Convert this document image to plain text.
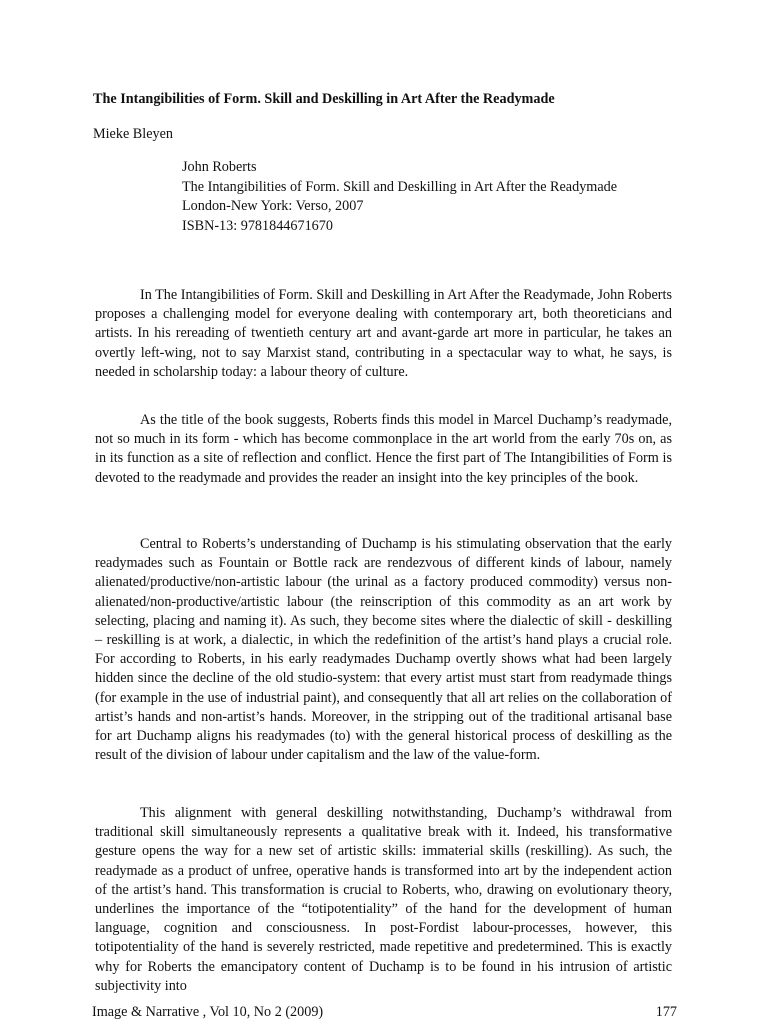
The Intangibilities of Form. Skill and Deskilling in Art After the Readymade
Mieke Bleyen
John Roberts
The Intangibilities of Form. Skill and Deskilling in Art After the Readymade
London-New York: Verso, 2007
ISBN-13: 9781844671670

In The Intangibilities of Form. Skill and Deskilling in Art After the Readymade, John Roberts proposes a challenging model for everyone dealing with contemporary art, both theoreticians and artists. In his rereading of twentieth century art and avant-garde art more in particular, he takes an overtly left-wing, not to say Marxist stand, contributing in a spectacular way to what, he says, is needed in scholarship today: a labour theory of culture.

As the title of the book suggests, Roberts finds this model in Marcel Duchamp’s readymade, not so much in its form - which has become commonplace in the art world from the early 70s on, as in its function as a site of reflection and conflict. Hence the first part of The Intangibilities of Form is devoted to the readymade and provides the reader an insight into the key principles of the book.

Central to Roberts’s understanding of Duchamp is his stimulating observation that the early readymades such as Fountain or Bottle rack are rendezvous of different kinds of labour, namely alienated/productive/non-artistic labour (the urinal as a factory produced commodity) versus non-alienated/non-productive/artistic labour (the reinscription of this commodity as an art work by selecting, placing and naming it). As such, they become sites where the dialectic of skill - deskilling – reskilling is at work, a dialectic, in which the redefinition of the artist’s hand plays a crucial role. For according to Roberts, in his early readymades Duchamp overtly shows what had been largely hidden since the decline of the old studio-system: that every artist must start from readymade things (for example in the use of industrial paint), and consequently that all art relies on the collaboration of artist’s hands and non-artist’s hands. Moreover, in the stripping out of the traditional artisanal base for art Duchamp aligns his readymades (to) with the general historical process of deskilling as the result of the division of labour under capitalism and the law of the value-form.

This alignment with general deskilling notwithstanding, Duchamp’s withdrawal from traditional skill simultaneously represents a qualitative break with it. Indeed, his transformative gesture opens the way for a new set of artistic skills: immaterial skills (reskilling). As such, the readymade as a product of unfree, operative hands is transformed into art by the independent action of the artist’s hand. This transformation is crucial to Roberts, who, drawing on evolutionary theory, underlines the importance of the “totipotentiality” of the hand for the development of human language, cognition and consciousness. In post-Fordist labour-processes, however, this totipotentiality of the hand is severely restricted, made repetitive and predetermined. This is exactly why for Roberts the emancipatory content of Duchamp is to be found in his intrusion of artistic subjectivity into

Image & Narrative , Vol 10, No 2 (2009)	177
